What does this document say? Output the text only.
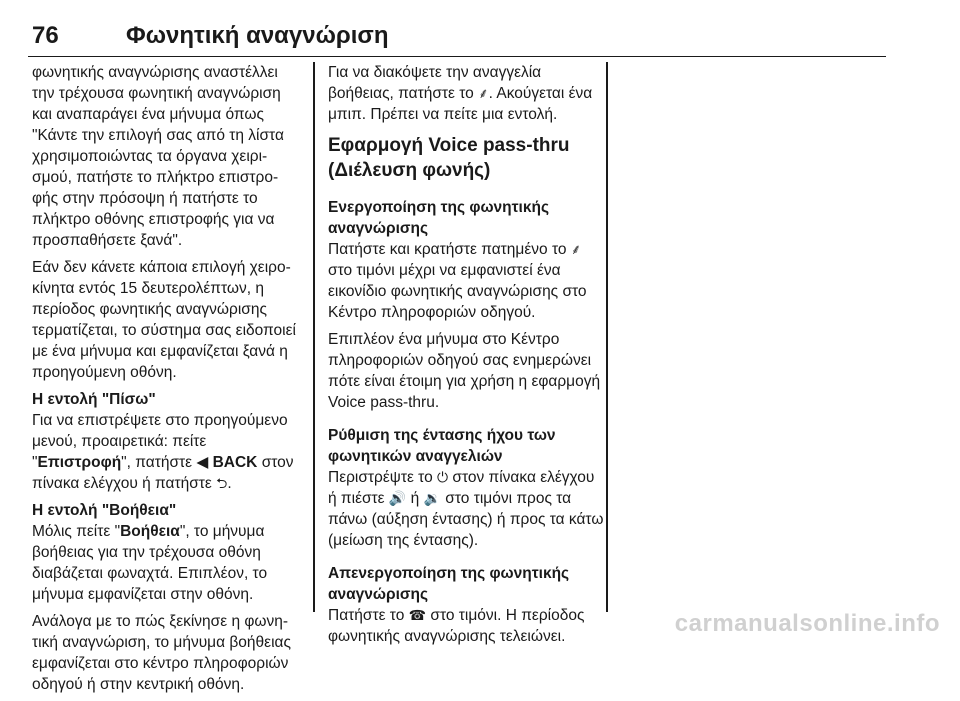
76	Φωνητική αναγνώριση

φωνητικής αναγνώρισης αναστέλλει την τρέχουσα φωνητική αναγνώριση και αναπαράγει ένα μήνυμα όπως "Κάντε την επιλογή σας από τη λίστα χρησιμοποιώντας τα όργανα χειρισμού, πατήστε το πλήκτρο επιστροφής στην πρόσοψη ή πατήστε το πλήκτρο οθόνης επιστροφής για να προσπαθήσετε ξανά".

Εάν δεν κάνετε κάποια επιλογή χειροκίνητα εντός 15 δευτερολέπτων, η περίοδος φωνητικής αναγνώρισης τερματίζεται, το σύστημα σας ειδοποιεί με ένα μήνυμα και εμφανίζεται ξανά η προηγούμενη οθόνη.

Η εντολή "Πίσω"

Για να επιστρέψετε στο προηγούμενο μενού, προαιρετικά: πείτε "Επιστροφή", πατήστε ◀ BACK στον πίνακα ελέγχου ή πατήστε ⮌.

Η εντολή "Βοήθεια"

Μόλις πείτε "Βοήθεια", το μήνυμα βοήθειας για την τρέχουσα οθόνη διαβάζεται φωναχτά. Επιπλέον, το μήνυμα εμφανίζεται στην οθόνη.

Ανάλογα με το πώς ξεκίνησε η φωνητική αναγνώριση, το μήνυμα βοήθειας εμφανίζεται στο κέντρο πληροφοριών οδηγού ή στην κεντρική οθόνη.

Για να διακόψετε την αναγγελία βοήθειας, πατήστε το ⸙. Ακούγεται ένα μπιπ. Πρέπει να πείτε μια εντολή.

Εφαρμογή Voice pass-thru (Διέλευση φωνής)
Ενεργοποίηση της φωνητικής αναγνώρισης

Πατήστε και κρατήστε πατημένο το ⸙ στο τιμόνι μέχρι να εμφανιστεί ένα εικονίδιο φωνητικής αναγνώρισης στο Κέντρο πληροφοριών οδηγού.

Επιπλέον ένα μήνυμα στο Κέντρο πληροφοριών οδηγού σας ενημερώνει πότε είναι έτοιμη για χρήση η εφαρμογή Voice pass-thru.

Ρύθμιση της έντασης ήχου των φωνητικών αναγγελιών

Περιστρέψτε το ⏻ στον πίνακα ελέγχου ή πιέστε 🔊 ή 🔉 στο τιμόνι προς τα πάνω (αύξηση έντασης) ή προς τα κάτω (μείωση της έντασης).

Απενεργοποίηση της φωνητικής αναγνώρισης

Πατήστε το ☎ στο τιμόνι. Η περίοδος φωνητικής αναγνώρισης τελειώνει.	carmanualsonline.info
